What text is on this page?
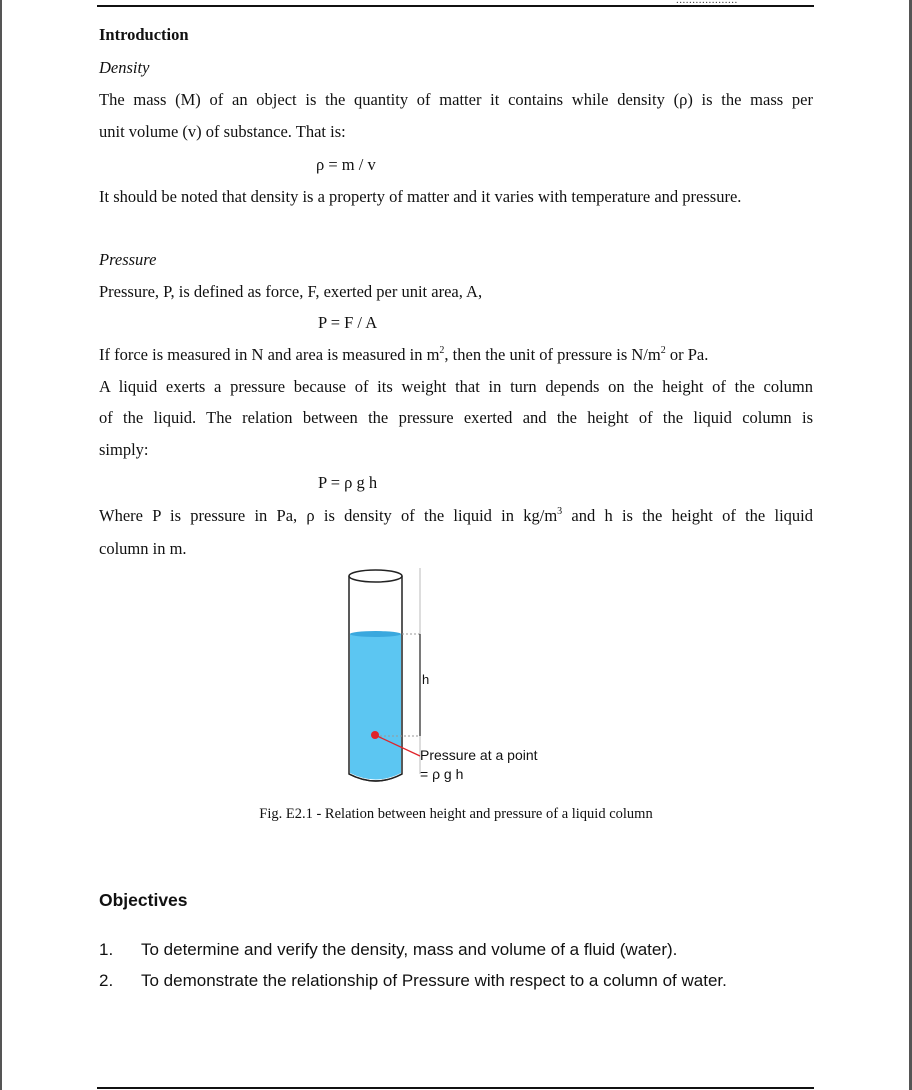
...................
Introduction
Density
The mass (M) of an object is the quantity of matter it contains while density (ρ) is the mass per
unit volume (v) of substance. That is:
ρ = m / v
It should be noted that density is a property of matter and it varies with temperature and pressure.
Pressure
Pressure, P, is defined as force, F, exerted per unit area, A,
P = F / A
If force is measured in N and area is measured in $m^2$, then the unit of pressure is $N/m^2$ or Pa.
A liquid exerts a pressure because of its weight that in turn depends on the height of the column
of the liquid. The relation between the pressure exerted and the height of the liquid column is
simply:
P = ρ g h
Where P is pressure in Pa, ρ is density of the liquid in $kg/m^3$ and h is the height of the liquid
column in m.
h
Pressure at a point
= ρ g h
Fig. E2.1 - Relation between height and pressure of a liquid column
Objectives
1. To determine and verify the density, mass and volume of a fluid (water).
2. To demonstrate the relationship of Pressure with respect to a column of water.
